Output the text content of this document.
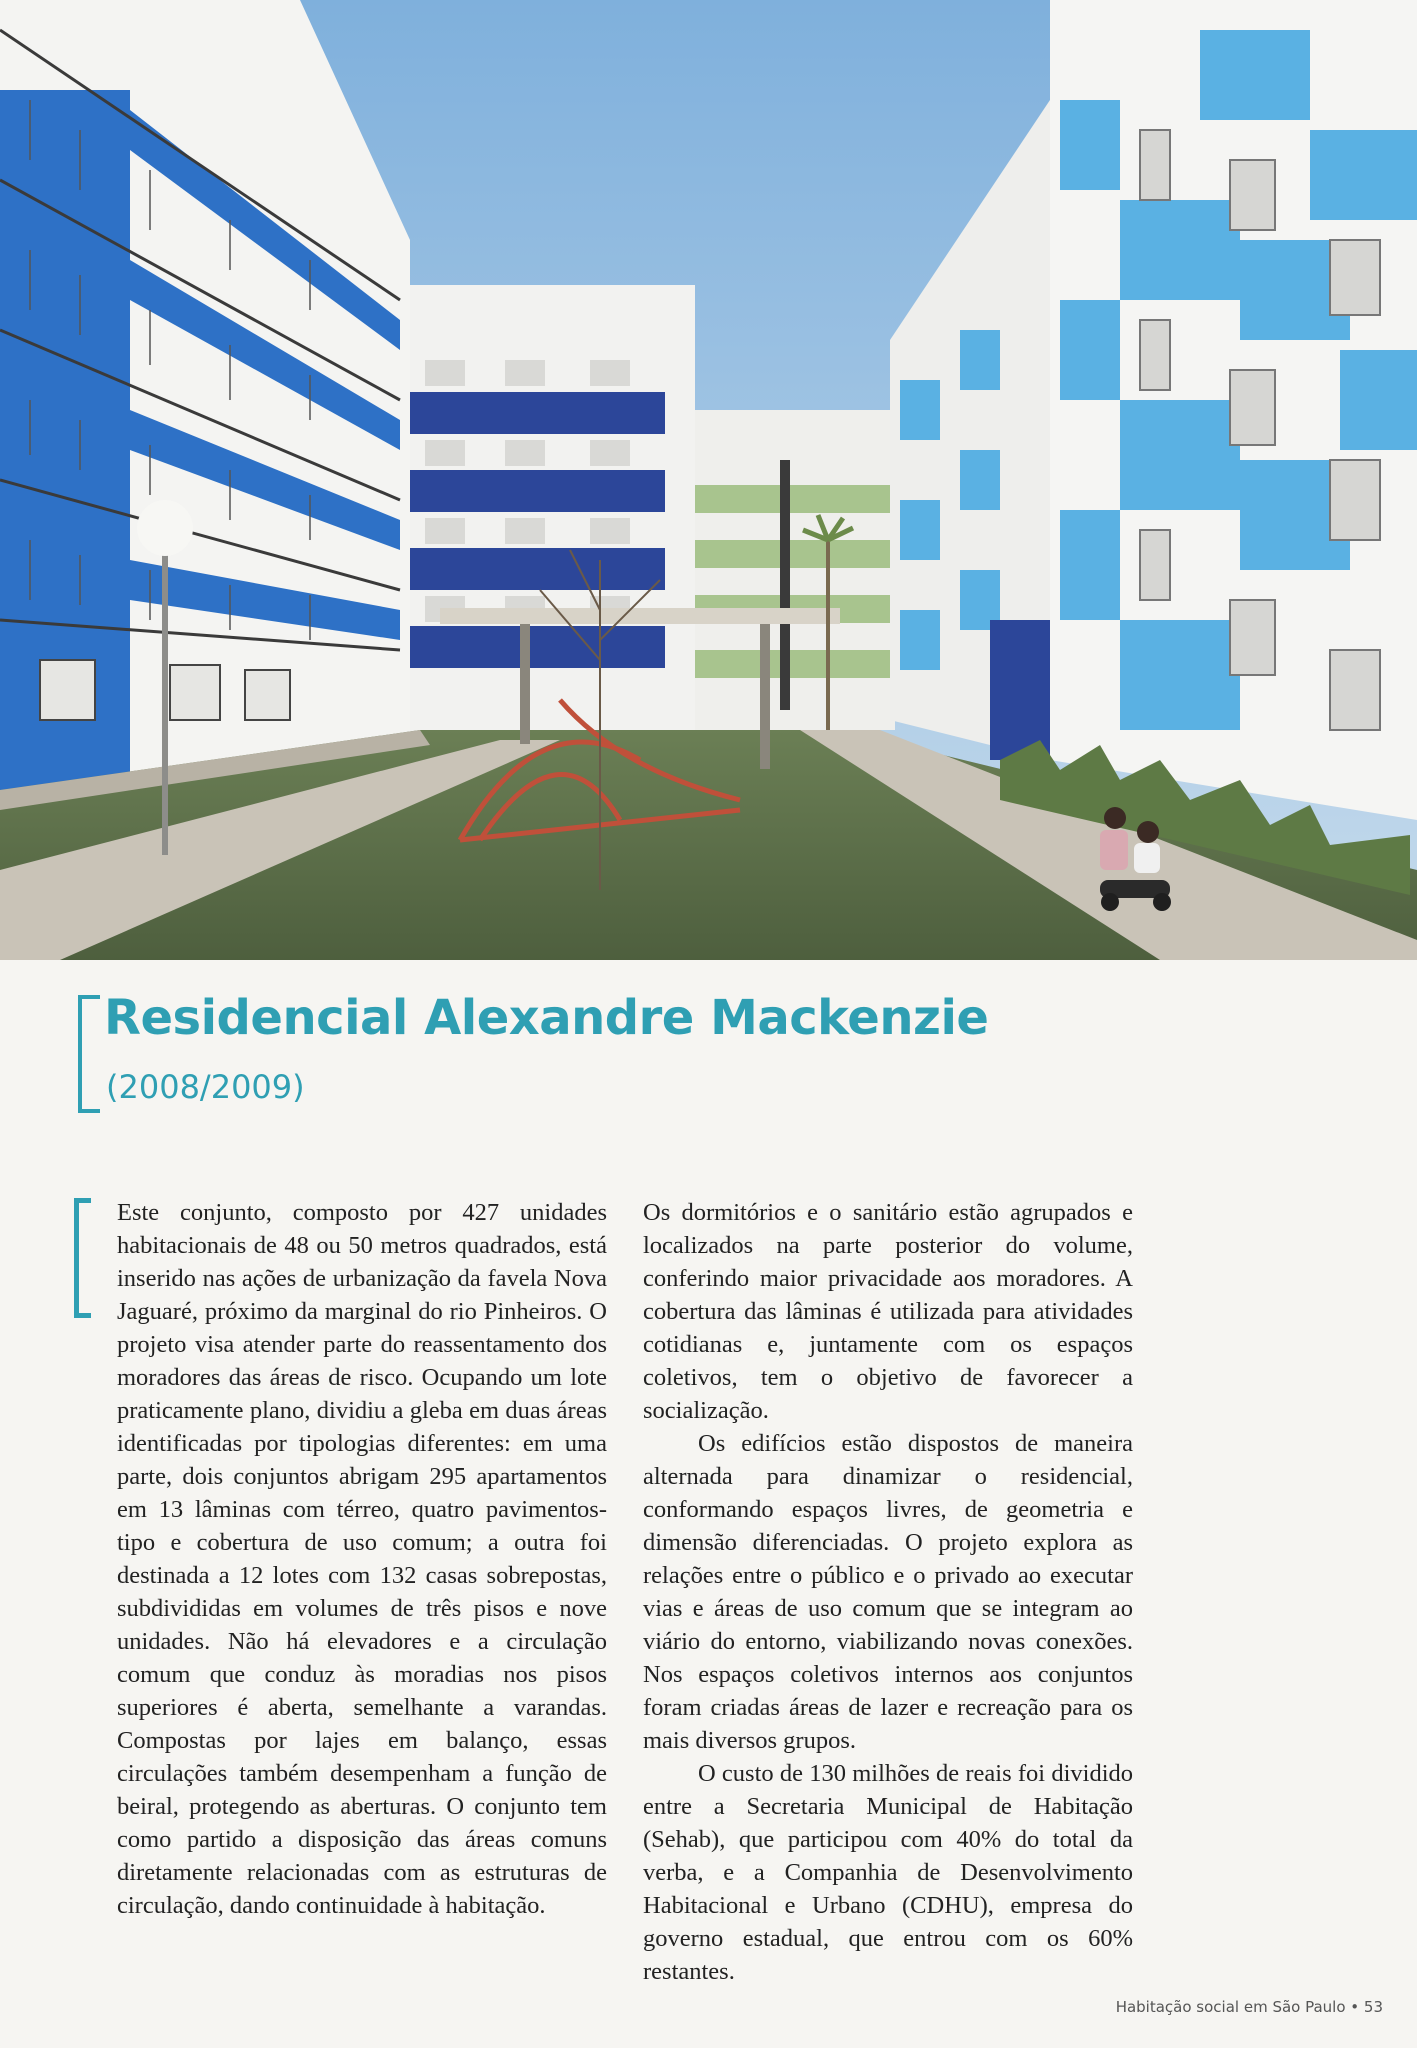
Residencial Alexandre Mackenzie
(2008/2009)

Este conjunto, composto por 427 unidades habitacionais de 48 ou 50 metros quadrados, está inserido nas ações de urbanização da favela Nova Jaguaré, próximo da marginal do rio Pinheiros. O projeto visa atender parte do reassentamento dos moradores das áreas de risco. Ocupando um lote praticamente plano, dividiu a gleba em duas áreas identificadas por tipologias diferentes: em uma parte, dois conjuntos abrigam 295 apartamentos em 13 lâminas com térreo, quatro pavimentos-tipo e cobertura de uso comum; a outra foi destinada a 12 lotes com 132 casas sobrepostas, subdivididas em volumes de três pisos e nove unidades. Não há elevadores e a circulação comum que conduz às moradias nos pisos superiores é aberta, semelhante a varandas. Compostas por lajes em balanço, essas circulações também desempenham a função de beiral, protegendo as aberturas. O conjunto tem como partido a disposição das áreas comuns diretamente relacionadas com as estruturas de circulação, dando continuidade à habitação.

Os dormitórios e o sanitário estão agrupados e localizados na parte posterior do volume, conferindo maior privacidade aos moradores. A cobertura das lâminas é utilizada para atividades cotidianas e, juntamente com os espaços coletivos, tem o objetivo de favorecer a socialização.

Os edifícios estão dispostos de maneira alternada para dinamizar o residencial, conformando espaços livres, de geometria e dimensão diferenciadas. O projeto explora as relações entre o público e o privado ao executar vias e áreas de uso comum que se integram ao viário do entorno, viabilizando novas conexões. Nos espaços coletivos internos aos conjuntos foram criadas áreas de lazer e recreação para os mais diversos grupos.

O custo de 130 milhões de reais foi dividido entre a Secretaria Municipal de Habitação (Sehab), que participou com 40% do total da verba, e a Companhia de Desenvolvimento Habitacional e Urbano (CDHU), empresa do governo estadual, que entrou com os 60% restantes.

Habitação social em São Paulo • 53
